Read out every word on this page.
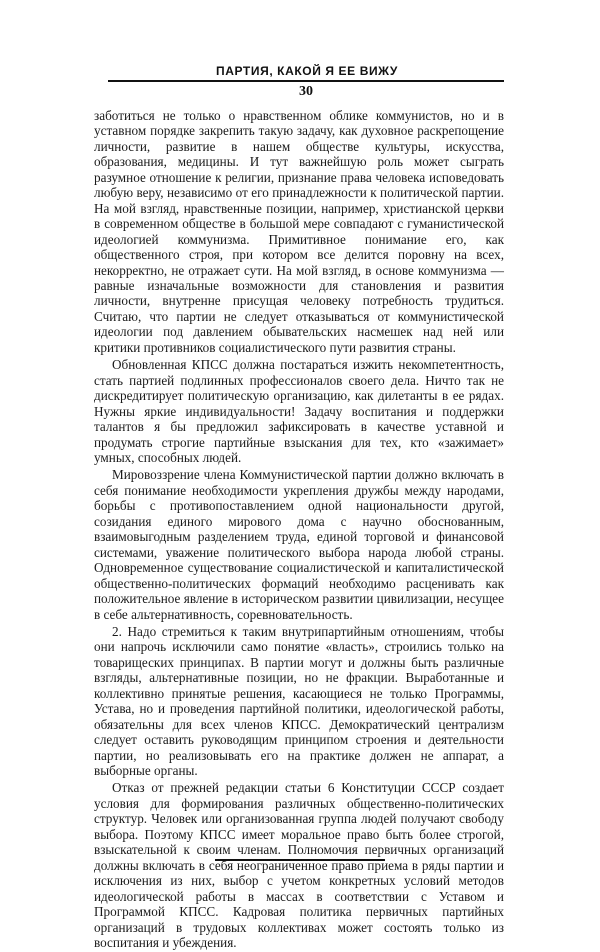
ПАРТИЯ, КАКОЙ Я ЕЕ ВИЖУ
30

заботиться не только о нравственном облике коммунистов, но и в уставном порядке закрепить такую задачу, как духовное раскрепощение личности, развитие в нашем обществе культуры, искусства, образования, медицины. И тут важнейшую роль может сыграть разумное отношение к религии, признание права человека исповедовать любую веру, независимо от его принадлежности к политической партии. На мой взгляд, нравственные позиции, например, христианской церкви в современном обществе в большой мере совпадают с гуманистической идеологией коммунизма. Примитивное понимание его, как общественного строя, при котором все делится поровну на всех, некорректно, не отражает сути. На мой взгляд, в основе коммунизма — равные изначальные возможности для становления и развития личности, внутренне присущая человеку потребность трудиться. Считаю, что партии не следует отказываться от коммунистической идеологии под давлением обывательских насмешек над ней или критики противников социалистического пути развития страны.

Обновленная КПСС должна постараться изжить некомпетентность, стать партией подлинных профессионалов своего дела. Ничто так не дискредитирует политическую организацию, как дилетанты в ее рядах. Нужны яркие индивидуальности! Задачу воспитания и поддержки талантов я бы предложил зафиксировать в качестве уставной и продумать строгие партийные взыскания для тех, кто «зажимает» умных, способных людей.

Мировоззрение члена Коммунистической партии должно включать в себя понимание необходимости укрепления дружбы между народами, борьбы с противопоставлением одной национальности другой, созидания единого мирового дома с научно обоснованным, взаимовыгодным разделением труда, единой торговой и финансовой системами, уважение политического выбора народа любой страны. Одновременное существование социалистической и капиталистической общественно-политических формаций необходимо расценивать как положительное явление в историческом развитии цивилизации, несущее в себе альтернативность, соревновательность.

2. Надо стремиться к таким внутрипартийным отношениям, чтобы они напрочь исключили само понятие «власть», строились только на товарищеских принципах. В партии могут и должны быть различные взгляды, альтернативные позиции, но не фракции. Выработанные и коллективно принятые решения, касающиеся не только Программы, Устава, но и проведения партийной политики, идеологической работы, обязательны для всех членов КПСС. Демократический централизм следует оставить руководящим принципом строения и деятельности партии, но реализовывать его на практике должен не аппарат, а выборные органы.

Отказ от прежней редакции статьи 6 Конституции СССР создает условия для формирования различных общественно-политических структур. Человек или организованная группа людей получают свободу выбора. Поэтому КПСС имеет моральное право быть более строгой, взыскательной к своим членам. Полномочия первичных организаций должны включать в себя неограниченное право приема в ряды партии и исключения из них, выбор с учетом конкретных условий методов идеологической работы в массах в соответствии с Уставом и Программой КПСС. Кадровая политика первичных партийных организаций в трудовых коллективах может состоять только из воспитания и убеждения.
